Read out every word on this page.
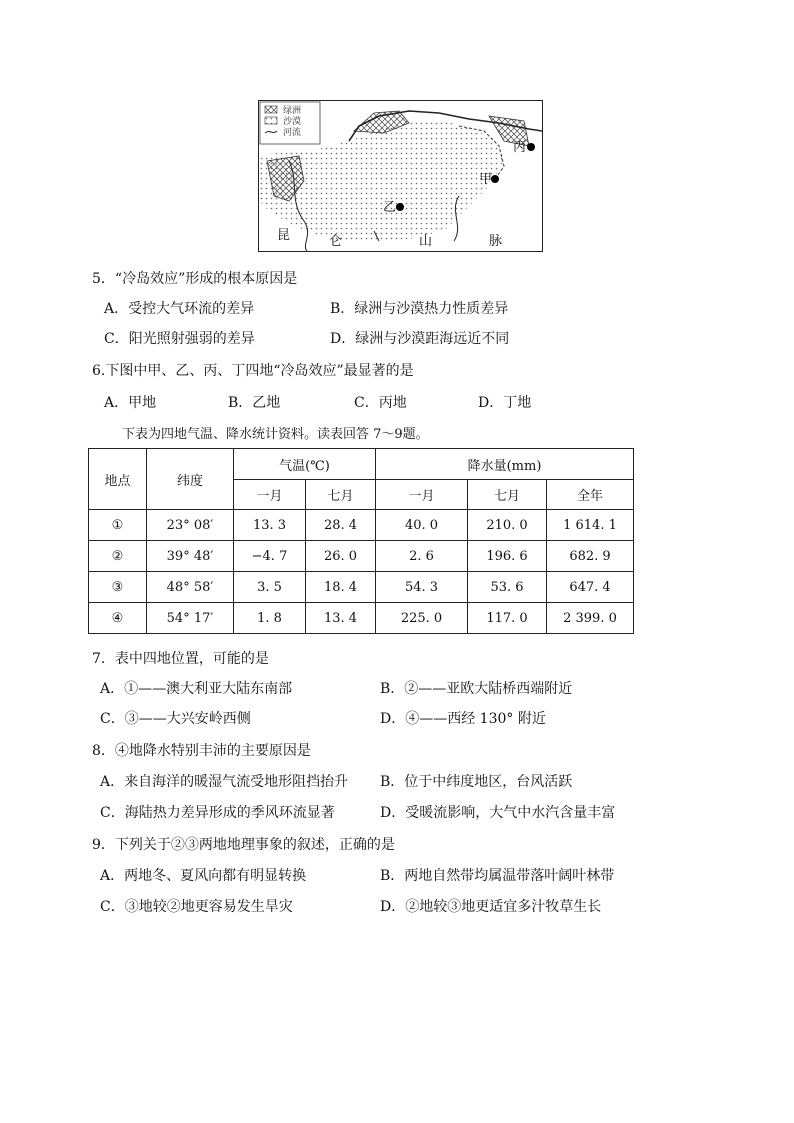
绿洲
沙漠
河流
丙
甲
乙
昆	仑	山	脉
5．“冷岛效应”形成的根本原因是
A．受控大气环流的差异	B．绿洲与沙漠热力性质差异
C．阳光照射强弱的差异	D．绿洲与沙漠距海远近不同
6.下图中甲、乙、丙、丁四地“冷岛效应”最显著的是
A．甲地	B．乙地	C．丙地	D．丁地
下表为四地气温、降水统计资料。读表回答 7～9题。
地点	纬度	气温(℃)		降水量(mm)		
		一月	七月	一月	七月	全年
①	23° 08′	13. 3	28. 4	40. 0	210. 0	1 614. 1
②	39° 48′	−4. 7	26. 0	2. 6	196. 6	682. 9
③	48° 58′	3. 5	18. 4	54. 3	53. 6	647. 4
④	54° 17′	1. 8	13. 4	225. 0	117. 0	2 399. 0
7．表中四地位置，可能的是
A．①——澳大利亚大陆东南部	B．②——亚欧大陆桥西端附近
C．③——大兴安岭西侧	D．④——西经 130° 附近
8．④地降水特别丰沛的主要原因是
A．来自海洋的暖湿气流受地形阻挡抬升 B．位于中纬度地区，台风活跃
C．海陆热力差异形成的季风环流显著	D．受暖流影响，大气中水汽含量丰富
9．下列关于②③两地地理事象的叙述，正确的是
A．两地冬、夏风向都有明显转换	B．两地自然带均属温带落叶阔叶林带
C．③地较②地更容易发生旱灾	D．②地较③地更适宜多汁牧草生长
